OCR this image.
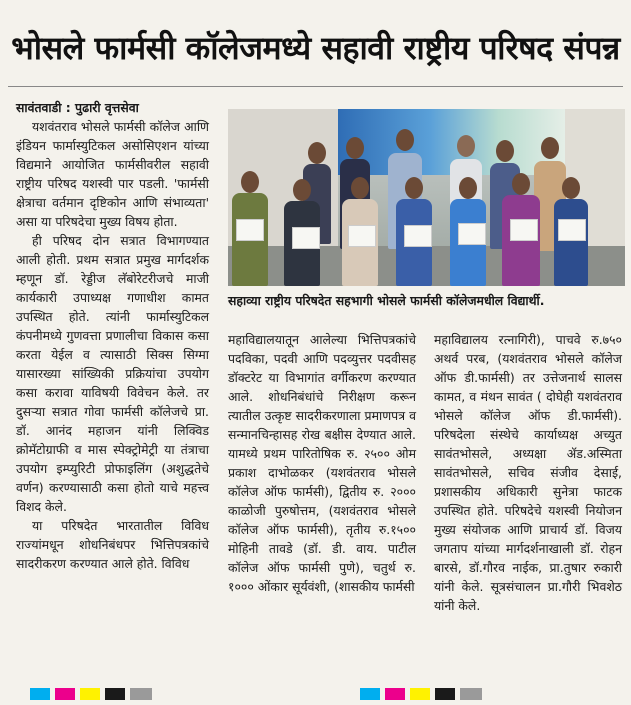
भोसले फार्मसी कॉलेजमध्ये सहावी राष्ट्रीय परिषद संपन्न

सावंतवाडी : पुढारी वृत्तसेवा

यशवंतराव भोसले फार्मसी कॉलेज आणि इंडियन फार्मास्युटिकल असोसिएशन यांच्या विद्यमाने आयोजित फार्मसीवरील सहावी राष्ट्रीय परिषद यशस्वी पार पडली. 'फार्मसी क्षेत्राचा वर्तमान दृष्टिकोन आणि संभाव्यता' असा या परिषदेचा मुख्य विषय होता.

ही परिषद दोन सत्रात विभागण्यात आली होती. प्रथम सत्रात प्रमुख मार्गदर्शक म्हणून डॉ. रेड्डीज लॅबोरेटरीजचे माजी कार्यकारी उपाध्यक्ष गणाधीश कामत उपस्थित होते. त्यांनी फार्मास्युटिकल कंपनीमध्ये गुणवत्ता प्रणालीचा विकास कसा करता येईल व त्यासाठी सिक्स सिग्मा यासारख्या सांख्यिकी प्रक्रियांचा उपयोग कसा करावा याविषयी विवेचन केले. तर दुसऱ्या सत्रात गोवा फार्मसी कॉलेजचे प्रा. डॉ. आनंद महाजन यांनी लिक्विड क्रोमॅटोग्राफी व मास स्पेक्ट्रोमेट्री या तंत्राचा उपयोग इम्प्युरिटी प्रोफाइलिंग (अशुद्धतेचे वर्णन) करण्यासाठी कसा होतो याचे महत्त्व विशद केले.

या परिषदेत भारतातील विविध राज्यांमधून शोधनिबंधपर भित्तिपत्रकांचे सादरीकरण करण्यात आले होते. विविध

सहाव्या राष्ट्रीय परिषदेत सहभागी भोसले फार्मसी कॉलेजमधील विद्यार्थी.

महाविद्यालयातून आलेल्या भित्तिपत्रकांचे पदविका, पदवी आणि पदव्युत्तर पदवीसह डॉक्टरेट या विभागांत वर्गीकरण करण्यात आले. शोधनिबंधांचे निरीक्षण करून त्यातील उत्कृष्ट सादरीकरणाला प्रमाणपत्र व सन्मानचिन्हासह रोख बक्षीस देण्यात आले. यामध्ये प्रथम पारितोषिक रु. २५०० ओम प्रकाश दाभोळकर (यशवंतराव भोसले कॉलेज ऑफ फार्मसी), द्वितीय रु. २००० काळोजी पुरुषोत्तम, (यशवंतराव भोसले कॉलेज ऑफ फार्मसी), तृतीय रु.१५०० मोहिनी तावडे (डॉ. डी. वाय. पाटील कॉलेज ऑफ फार्मसी पुणे), चतुर्थ रु. १००० ओंकार सूर्यवंशी, (शासकीय फार्मसी

महाविद्यालय रत्नागिरी), पाचवे रु.७५० अथर्व परब, (यशवंतराव भोसले कॉलेज ऑफ डी.फार्मसी) तर उत्तेजनार्थ सालस कामत, व मंथन सावंत ( दोघेही यशवंतराव भोसले कॉलेज ऑफ डी.फार्मसी). परिषदेला संस्थेचे कार्याध्यक्ष अच्युत सावंतभोसले, अध्यक्षा ॲड.अस्मिता सावंतभोसले, सचिव संजीव देसाई, प्रशासकीय अधिकारी सुनेत्रा फाटक उपस्थित होते. परिषदेचे यशस्वी नियोजन मुख्य संयोजक आणि प्राचार्य डॉ. विजय जगताप यांच्या मार्गदर्शनाखाली डॉ. रोहन बारसे, डॉ.गौरव नाईक, प्रा.तुषार रुकारी यांनी केले. सूत्रसंचालन प्रा.गौरी भिवशेठ यांनी केले.
